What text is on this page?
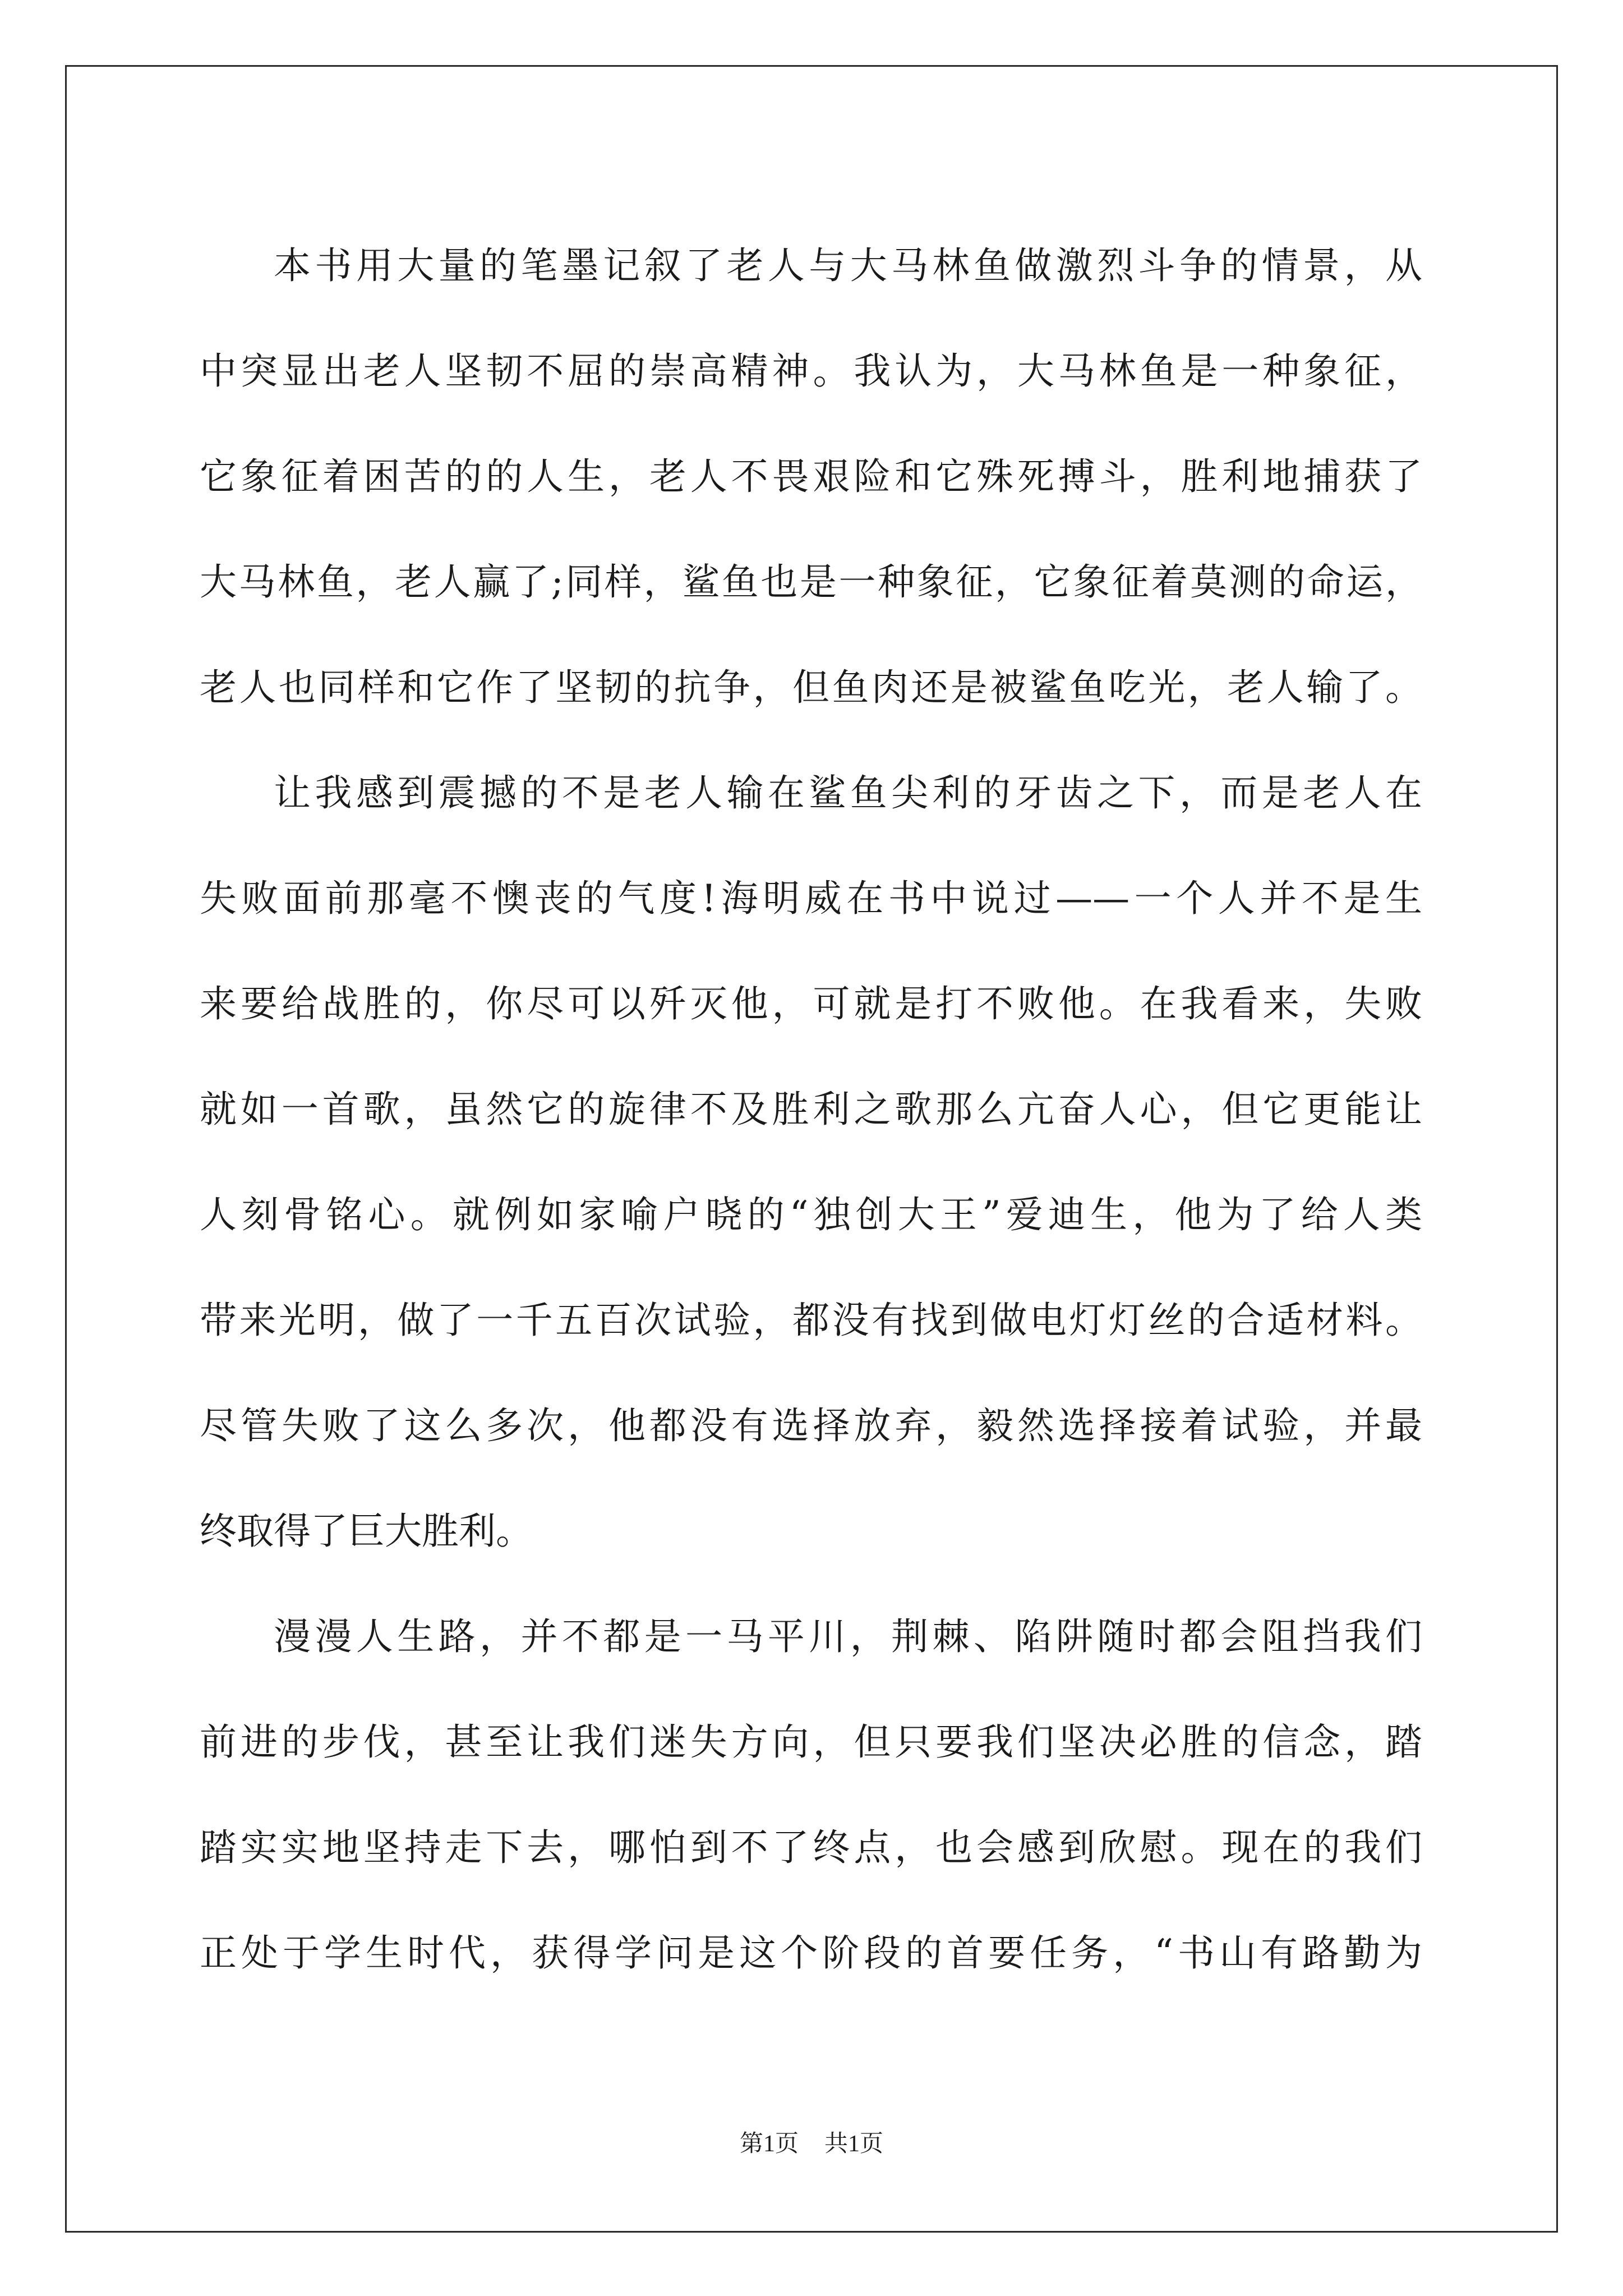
本书用大量的笔墨记叙了老人与大马林鱼做激烈斗争的情景，从
中突显出老人坚韧不屈的崇高精神。我认为，大马林鱼是一种象征，
它象征着困苦的的人生，老人不畏艰险和它殊死搏斗，胜利地捕获了
大马林鱼，老人赢了;同样，鲨鱼也是一种象征，它象征着莫测的命运，
老人也同样和它作了坚韧的抗争，但鱼肉还是被鲨鱼吃光，老人输了。
让我感到震撼的不是老人输在鲨鱼尖利的牙齿之下，而是老人在
失败面前那毫不懊丧的气度!海明威在书中说过——一个人并不是生
来要给战胜的，你尽可以歼灭他，可就是打不败他。在我看来，失败
就如一首歌，虽然它的旋律不及胜利之歌那么亢奋人心，但它更能让
人刻骨铭心。就例如家喻户晓的“独创大王”爱迪生，他为了给人类
带来光明，做了一千五百次试验，都没有找到做电灯灯丝的合适材料。
尽管失败了这么多次，他都没有选择放弃，毅然选择接着试验，并最
终取得了巨大胜利。
漫漫人生路，并不都是一马平川，荆棘、陷阱随时都会阻挡我们
前进的步伐，甚至让我们迷失方向，但只要我们坚决必胜的信念，踏
踏实实地坚持走下去，哪怕到不了终点，也会感到欣慰。现在的我们
正处于学生时代，获得学问是这个阶段的首要任务，“书山有路勤为
第1页 共1页
